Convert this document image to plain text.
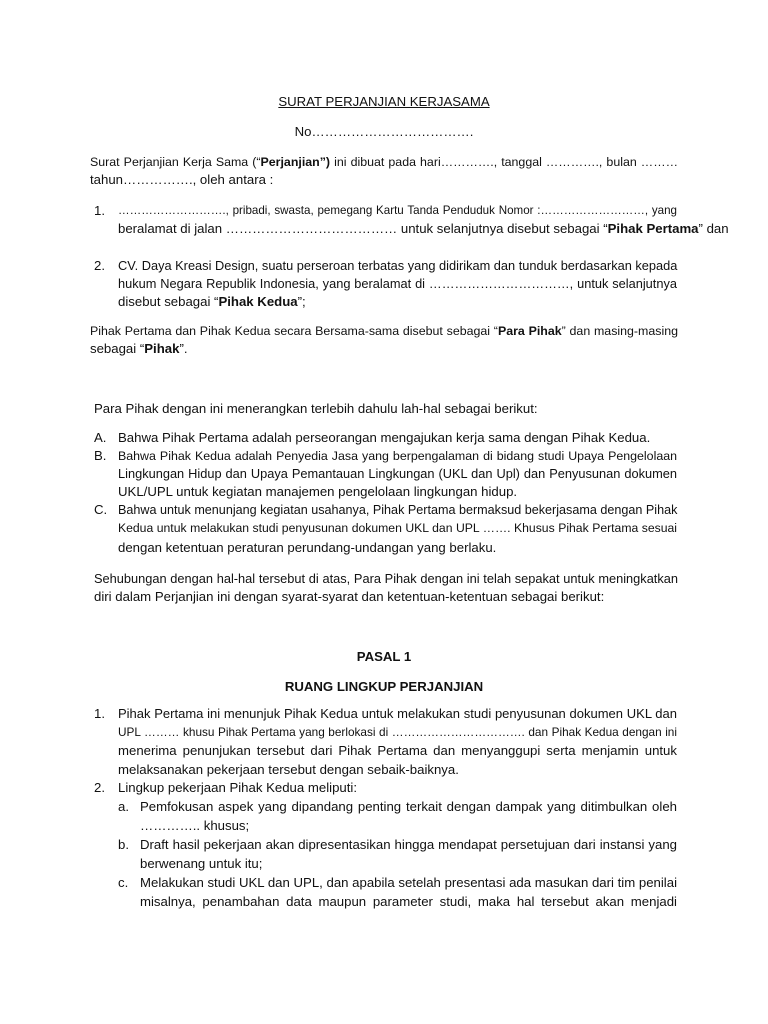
SURAT PERJANJIAN KERJASAMA
No……………………………….
Surat Perjanjian Kerja Sama (“Perjanjian”) ini dibuat pada hari…………., tanggal …………., bulan ………
tahun……………., oleh antara :
1. ………………………., pribadi, swasta, pemegang Kartu Tanda Penduduk Nomor :………………………, yang
beralamat di jalan ………………………………… untuk selanjutnya disebut sebagai “Pihak Pertama” dan
2. CV. Daya Kreasi Design, suatu perseroan terbatas yang didirikam dan tunduk berdasarkan kepada
hukum Negara Republik Indonesia, yang beralamat di ……………………………, untuk selanjutnya
disebut sebagai “Pihak Kedua”;
Pihak Pertama dan Pihak Kedua secara Bersama-sama disebut sebagai “Para Pihak” dan masing-masing
sebagai “Pihak”.
Para Pihak dengan ini menerangkan terlebih dahulu lah-hal sebagai berikut:
A. Bahwa Pihak Pertama adalah perseorangan mengajukan kerja sama dengan Pihak Kedua.
B. Bahwa Pihak Kedua adalah Penyedia Jasa yang berpengalaman di bidang studi Upaya Pengelolaan
Lingkungan Hidup dan Upaya Pemantauan Lingkungan (UKL dan Upl) dan Penyusunan dokumen
UKL/UPL untuk kegiatan manajemen pengelolaan lingkungan hidup.
C. Bahwa untuk menunjang kegiatan usahanya, Pihak Pertama bermaksud bekerjasama dengan Pihak
Kedua untuk melakukan studi penyusunan dokumen UKL dan UPL ……. Khusus Pihak Pertama sesuai
dengan ketentuan peraturan perundang-undangan yang berlaku.
Sehubungan dengan hal-hal tersebut di atas, Para Pihak dengan ini telah sepakat untuk meningkatkan
diri dalam Perjanjian ini dengan syarat-syarat dan ketentuan-ketentuan sebagai berikut:
PASAL 1
RUANG LINGKUP PERJANJIAN
1. Pihak Pertama ini menunjuk Pihak Kedua untuk melakukan studi penyusunan dokumen UKL dan
UPL ……… khusu Pihak Pertama yang berlokasi di ……………………………. dan Pihak Kedua dengan ini
menerima penunjukan tersebut dari Pihak Pertama dan menyanggupi serta menjamin untuk
melaksanakan pekerjaan tersebut dengan sebaik-baiknya.
2. Lingkup pekerjaan Pihak Kedua meliputi:
a. Pemfokusan aspek yang dipandang penting terkait dengan dampak yang ditimbulkan oleh
………….. khusus;
b. Draft hasil pekerjaan akan dipresentasikan hingga mendapat persetujuan dari instansi yang
berwenang untuk itu;
c. Melakukan studi UKL dan UPL, dan apabila setelah presentasi ada masukan dari tim penilai
misalnya, penambahan data maupun parameter studi, maka hal tersebut akan menjadi
